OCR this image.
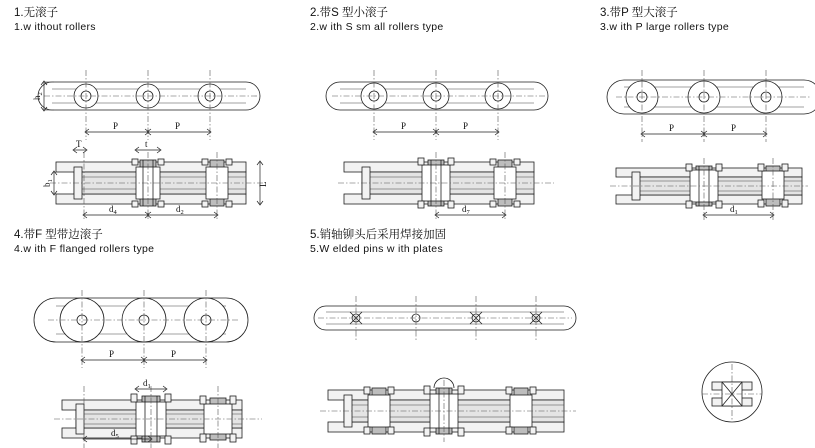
1.无滚子
1.w ithout rollers
$h_2$
P	P
T	t
$b_1$
L
$d_4$	$d_2$
2.带S 型小滚子
2.w ith S sm all rollers type
P	P
$d_7$
3.带P 型大滚子
3.w ith P large rollers type
P	P
$d_1$
4.带F 型带边滚子
4.w ith F flanged rollers type
P	P
$d_1$
$d_5$
5.销轴铆头后采用焊接加固
5.W elded pins w ith plates
